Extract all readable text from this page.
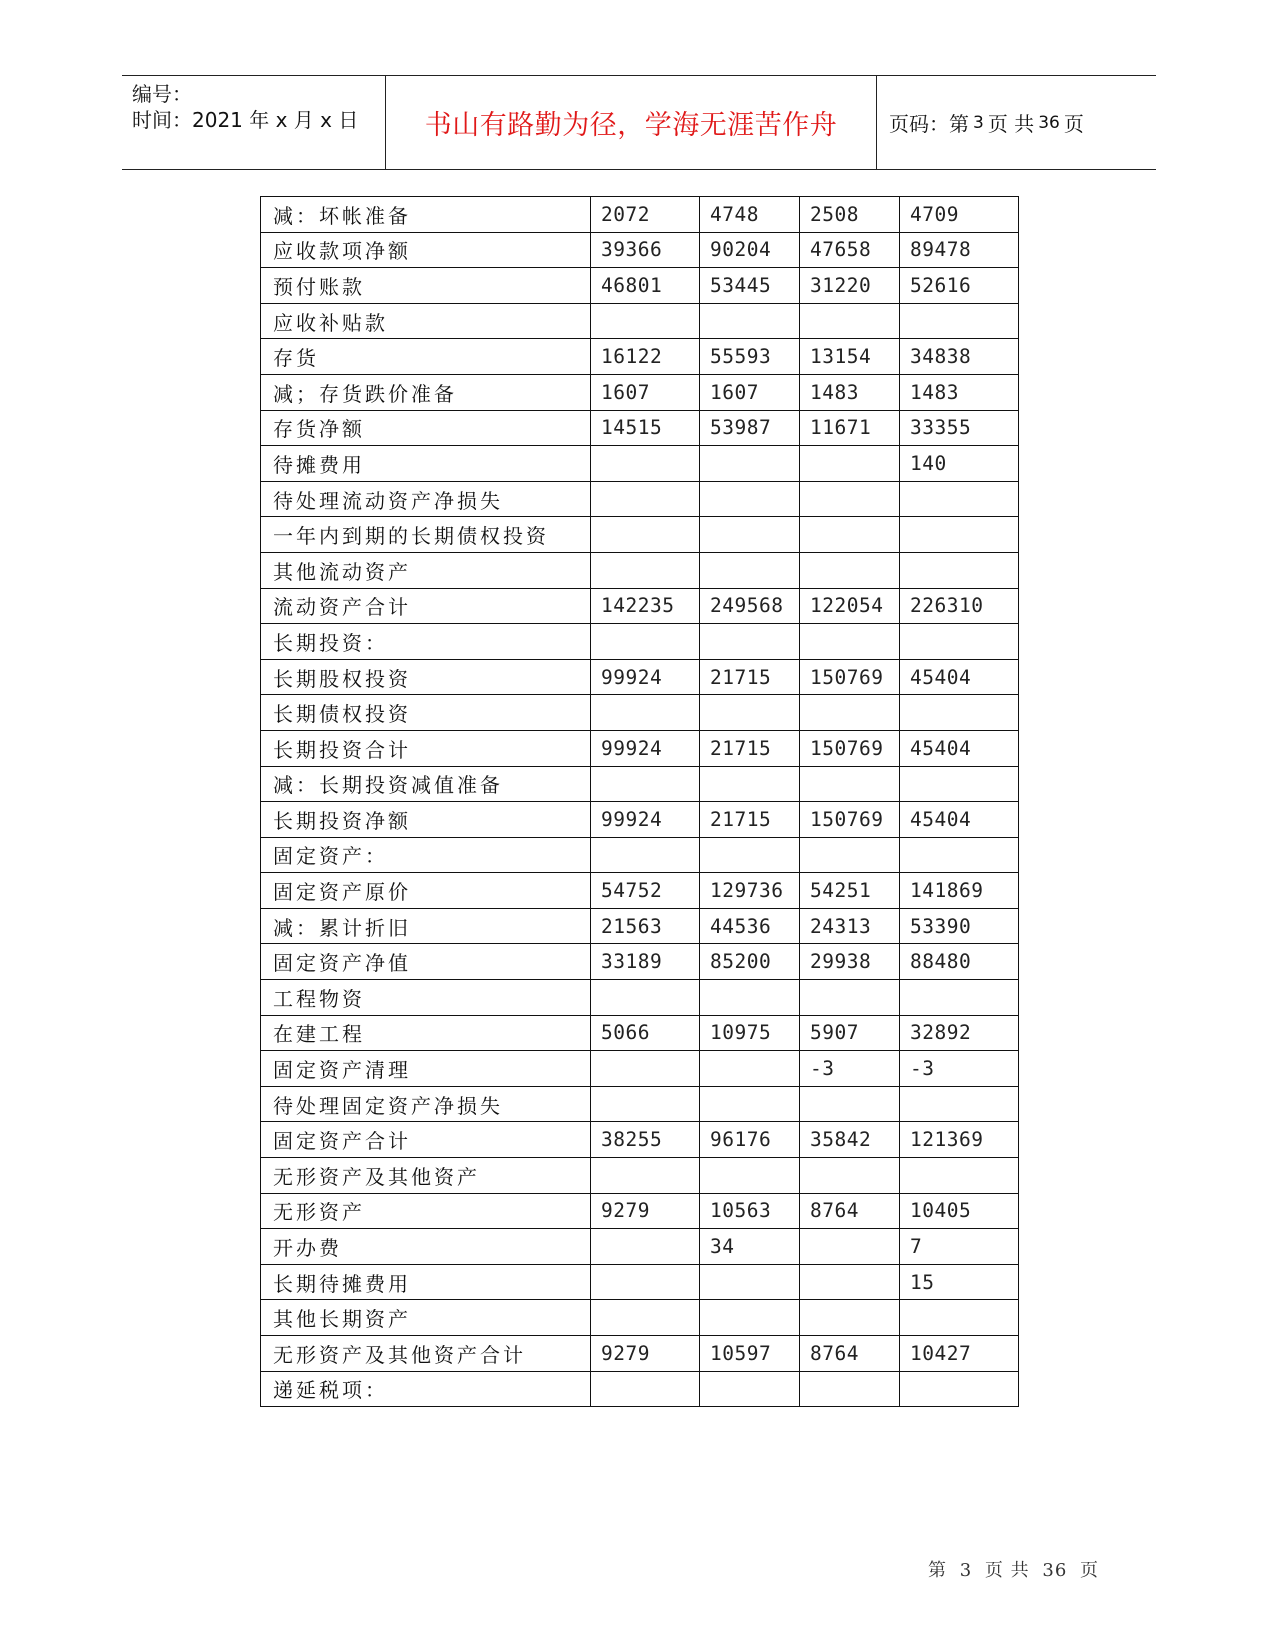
编号：
时间：2021 年 x 月 x 日 书山有路勤为径，学海无涯苦作舟	页码：第 3 页 共 36 页
减：坏帐准备	2072	4748	2508	4709
应收款项净额	39366	90204	47658	89478
预付账款	46801	53445	31220	52616
应收补贴款				
存货	16122	55593	13154	34838
减；存货跌价准备	1607	1607	1483	1483
存货净额	14515	53987	11671	33355
待摊费用				140
待处理流动资产净损失				
一年内到期的长期债权投资				
其他流动资产				
流动资产合计	142235	249568	122054	226310
长期投资：				
长期股权投资	99924	21715	150769	45404
长期债权投资				
长期投资合计	99924	21715	150769	45404
减：长期投资减值准备				
长期投资净额	99924	21715	150769	45404
固定资产：				
固定资产原价	54752	129736	54251	141869
减：累计折旧	21563	44536	24313	53390
固定资产净值	33189	85200	29938	88480
工程物资				
在建工程	5066	10975	5907	32892
固定资产清理			-3	-3
待处理固定资产净损失				
固定资产合计	38255	96176	35842	121369
无形资产及其他资产				
无形资产	9279	10563	8764	10405
开办费		34		7
长期待摊费用				15
其他长期资产				
无形资产及其他资产合计	9279	10597	8764	10427
递延税项：				
第 3 页 共 36 页
